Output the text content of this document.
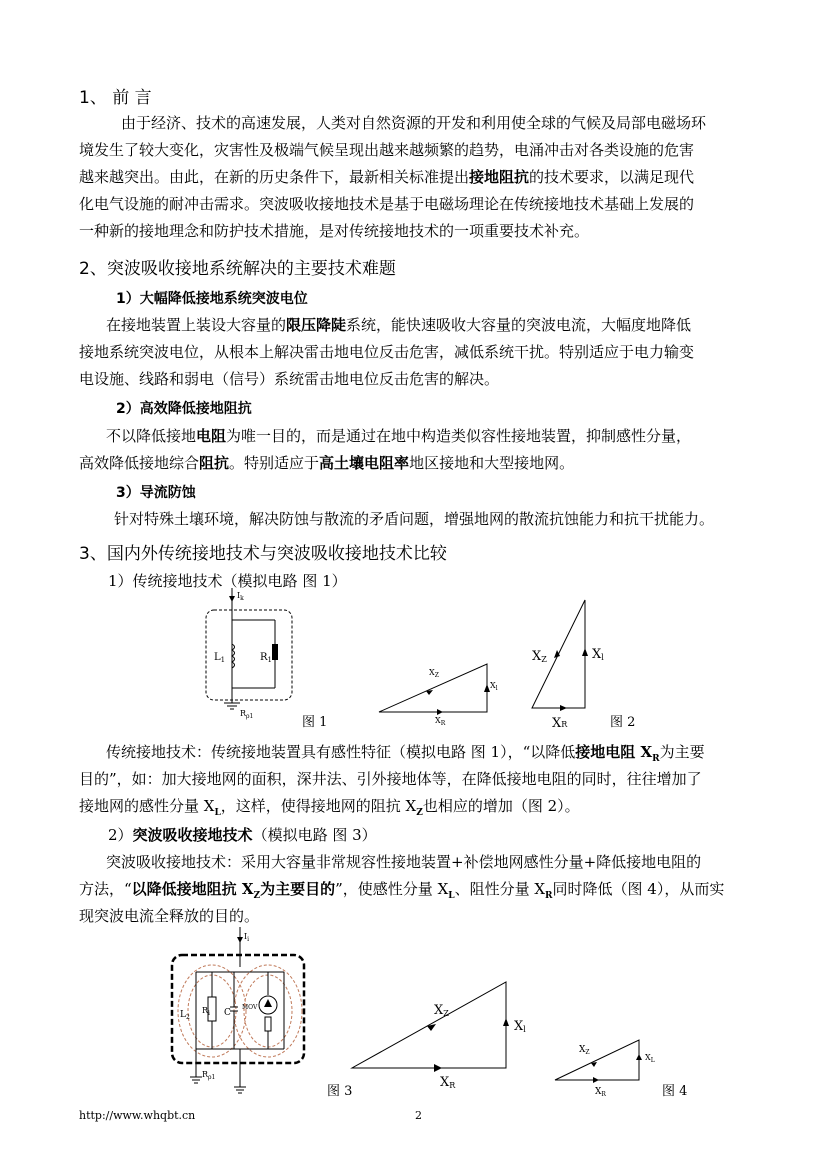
1、 前 言
由于经济、技术的高速发展，人类对自然资源的开发和利用使全球的气候及局部电磁场环
境发生了较大变化，灾害性及极端气候呈现出越来越频繁的趋势，电涌冲击对各类设施的危害
越来越突出。由此，在新的历史条件下，最新相关标准提出接地阻抗的技术要求，以满足现代
化电气设施的耐冲击需求。突波吸收接地技术是基于电磁场理论在传统接地技术基础上发展的
一种新的接地理念和防护技术措施，是对传统接地技术的一项重要技术补充。
2、突波吸收接地系统解决的主要技术难题
1）大幅降低接地系统突波电位
在接地装置上装设大容量的限压降陡系统，能快速吸收大容量的突波电流，大幅度地降低
接地系统突波电位，从根本上解决雷击地电位反击危害，减低系统干扰。特别适应于电力输变
电设施、线路和弱电（信号）系统雷击地电位反击危害的解决。
2）高效降低接地阻抗
不以降低接地电阻为唯一目的，而是通过在地中构造类似容性接地装置，抑制感性分量，
高效降低接地综合阻抗。特别适应于高土壤电阻率地区接地和大型接地网。
3）导流防蚀
针对特殊土壤环境，解决防蚀与散流的矛盾问题，增强地网的散流抗蚀能力和抗干扰能力。
3、国内外传统接地技术与突波吸收接地技术比较
1）传统接地技术（模拟电路 图 1）
$I_k$
$L_1$	$R_1$
$R_{\rho 1}$	图 1
$X_Z$
$X_l$
$X_R$
XZ	Xl
XR	图 2
传统接地技术：传统接地装置具有感性特征（模拟电路 图 1），“以降低接地电阻 $X_R$为主要
目的”，如：加大接地网的面积，深井法、引外接地体等，在降低接地电阻的同时，往往增加了
接地网的感性分量 $X_L$，这样，使得接地网的阻抗 $X_Z$也相应的增加（图 2）。
2）突波吸收接地技术（模拟电路 图 3）
突波吸收接地技术：采用大容量非常规容性接地装置+补偿地网感性分量+降低接地电阻的
方法，“以降低接地阻抗 $X_Z$为主要目的”，使感性分量 $X_L$、阻性分量 $X_R$同时降低（图 4），从而实
现突波电流全释放的目的。
$I_i$
$L_2$
$R_i$ C
MOV
$R_{\rho 1}$
图 3
XZ
Xl
XR
$X_Z$
$X_L$
$X_R$	图 4
http://www.whqbt.cn	2
